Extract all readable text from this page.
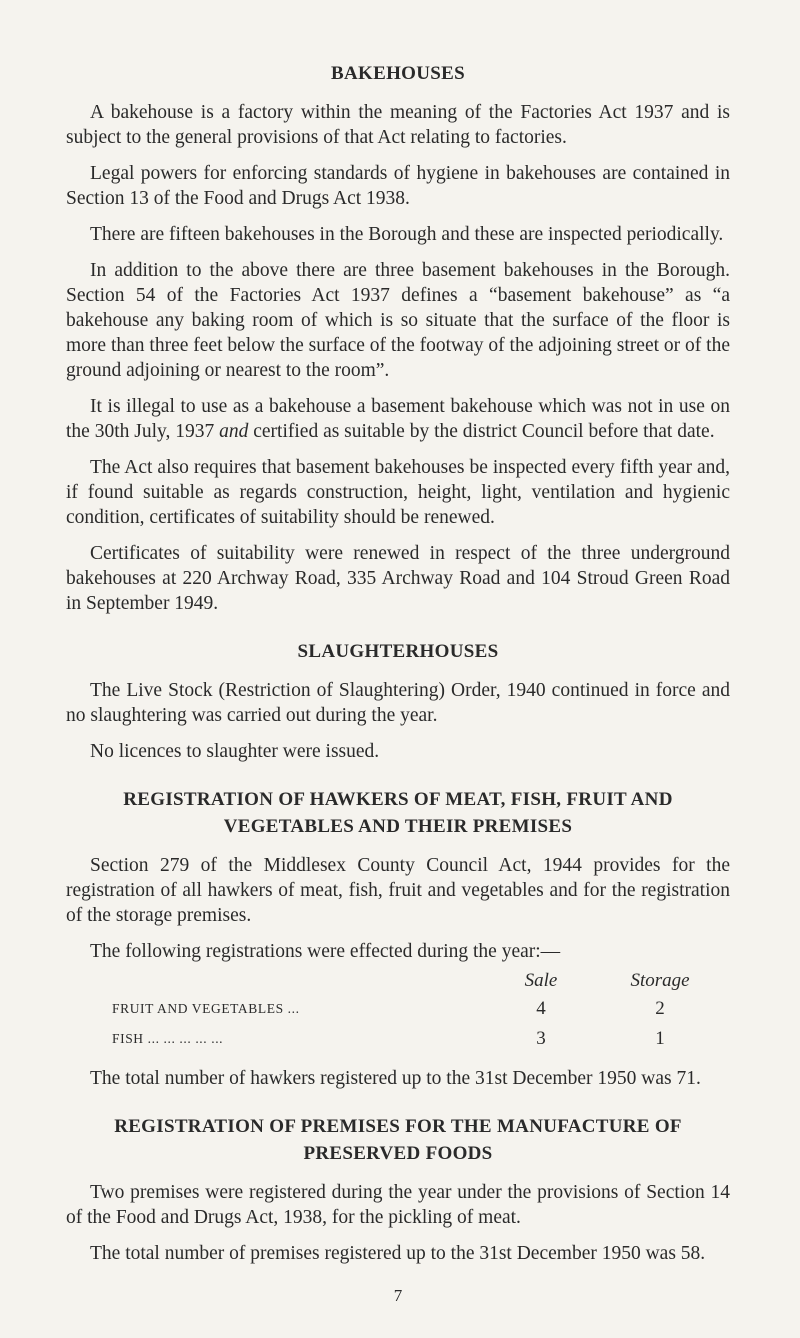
BAKEHOUSES

A bakehouse is a factory within the meaning of the Factories Act 1937 and is subject to the general provisions of that Act relating to factories.

Legal powers for enforcing standards of hygiene in bakehouses are contained in Section 13 of the Food and Drugs Act 1938.

There are fifteen bakehouses in the Borough and these are inspected periodically.

In addition to the above there are three basement bakehouses in the Borough. Section 54 of the Factories Act 1937 defines a “basement bakehouse” as “a bakehouse any baking room of which is so situate that the surface of the floor is more than three feet below the surface of the footway of the adjoining street or of the ground adjoining or nearest to the room”.

It is illegal to use as a bakehouse a basement bakehouse which was not in use on the 30th July, 1937 and certified as suitable by the district Council before that date.

The Act also requires that basement bakehouses be inspected every fifth year and, if found suitable as regards construction, height, light, ventilation and hygienic condition, certificates of suitability should be renewed.

Certificates of suitability were renewed in respect of the three underground bakehouses at 220 Archway Road, 335 Archway Road and 104 Stroud Green Road in September 1949.

SLAUGHTERHOUSES

The Live Stock (Restriction of Slaughtering) Order, 1940 continued in force and no slaughtering was carried out during the year.

No licences to slaughter were issued.

REGISTRATION OF HAWKERS OF MEAT, FISH, FRUIT AND VEGETABLES AND THEIR PREMISES

Section 279 of the Middlesex County Council Act, 1944 provides for the registration of all hawkers of meat, fish, fruit and vegetables and for the registration of the storage premises.

The following registrations were effected during the year:—

	Sale	Storage
FRUIT AND VEGETABLES ...	4	2
FISH ... ... ... ... ...	3	1

The total number of hawkers registered up to the 31st December 1950 was 71.

REGISTRATION OF PREMISES FOR THE MANUFACTURE OF PRESERVED FOODS

Two premises were registered during the year under the provisions of Section 14 of the Food and Drugs Act, 1938, for the pickling of meat.

The total number of premises registered up to the 31st December 1950 was 58.

7
